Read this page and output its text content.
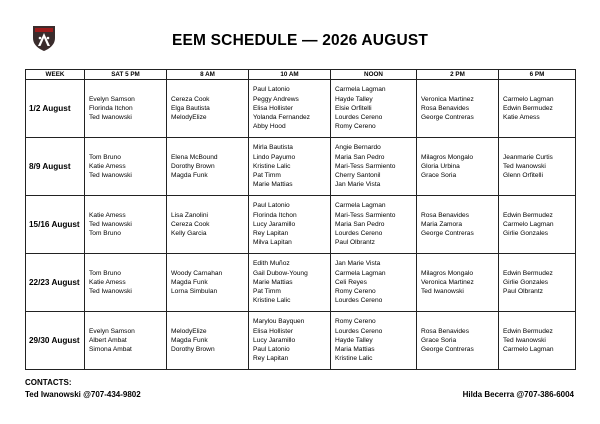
EEM SCHEDULE — 2026 AUGUST
WEEK	SAT 5 PM	8 AM	10 AM	NOON	2 PM	6 PM
1/2 August	Evelyn Samson
Florinda Itchon
Ted Iwanowski	Cereza Cook
Elga Bautista
MelodyElize	Paul Latonio
Peggy Andrews
Elisa Hollister
Yolanda Fernandez
Abby Hood	Carmela Lagman
Hayde Talley
Elsie Orfitelli
Lourdes Cereno
Romy Cereno	Veronica Martinez
Rosa Benavides
George Contreras	Carmelo Lagman
Edwin Bermudez
Katie Amess

8/9 August	Tom Bruno
Katie Amess
Ted Iwanowski	Elena McBound
Dorothy Brown
Magda Funk	Mirla Bautista
Lindo Payumo
Kristine Lalic
Pat Timm
Marie Mattias	Angie Bernardo
Maria San Pedro
Mari-Tess Sarmiento
Cherry Santonil
Jan Marie Vista	Milagros Mongalo
Gloria Urbina
Grace Soria	Jeanmarie Curtis
Ted Iwanowski
Glenn Orfitelli

15/16 August	Katie Amess
Ted Iwanowski
Tom Bruno	Lisa Zanolini
Cereza Cook
Kelly Garcia	Paul Latonio
Florinda Itchon
Lucy Jaramillo
Rey Lapitan
Milva Lapitan	Carmela Lagman
Mari-Tess Sarmiento
Maria San Pedro
Lourdes Cereno
Paul Olbrantz	Rosa Benavides
Maria Zamora
George Contreras	Edwin Bermudez
Carmelo Lagman
Girlie Gonzales

22/23 August	Tom Bruno
Katie Amess
Ted Iwanowski	Woody Carnahan
Magda Funk
Lorna Simbulan	Edith Muñoz
Gail Dubow-Young
Marie Mattias
Pat Timm
Kristine Lalic	Jan Marie Vista
Carmela Lagman
Celi Reyes
Romy Cereno
Lourdes Cereno	Milagros Mongalo
Veronica Martinez
Ted Iwanowski	Edwin Bermudez
Girlie Gonzales
Paul Olbrantz

29/30 August	Evelyn Samson
Albert Ambat
Simona Ambat	MelodyElize
Magda Funk
Dorothy Brown	Marylou Bayquen
Elisa Hollister
Lucy Jaramillo
Paul Latonio
Rey Lapitan	Romy Cereno
Lourdes Cereno
Hayde Talley
Maria Mattias
Kristine Lalic	Rosa Benavides
Grace Soria
George Contreras	Edwin Bermudez
Ted Iwanowski
Carmelo Lagman
CONTACTS:
Ted Iwanowski @707-434-9802	Hilda Becerra @707-386-6004
